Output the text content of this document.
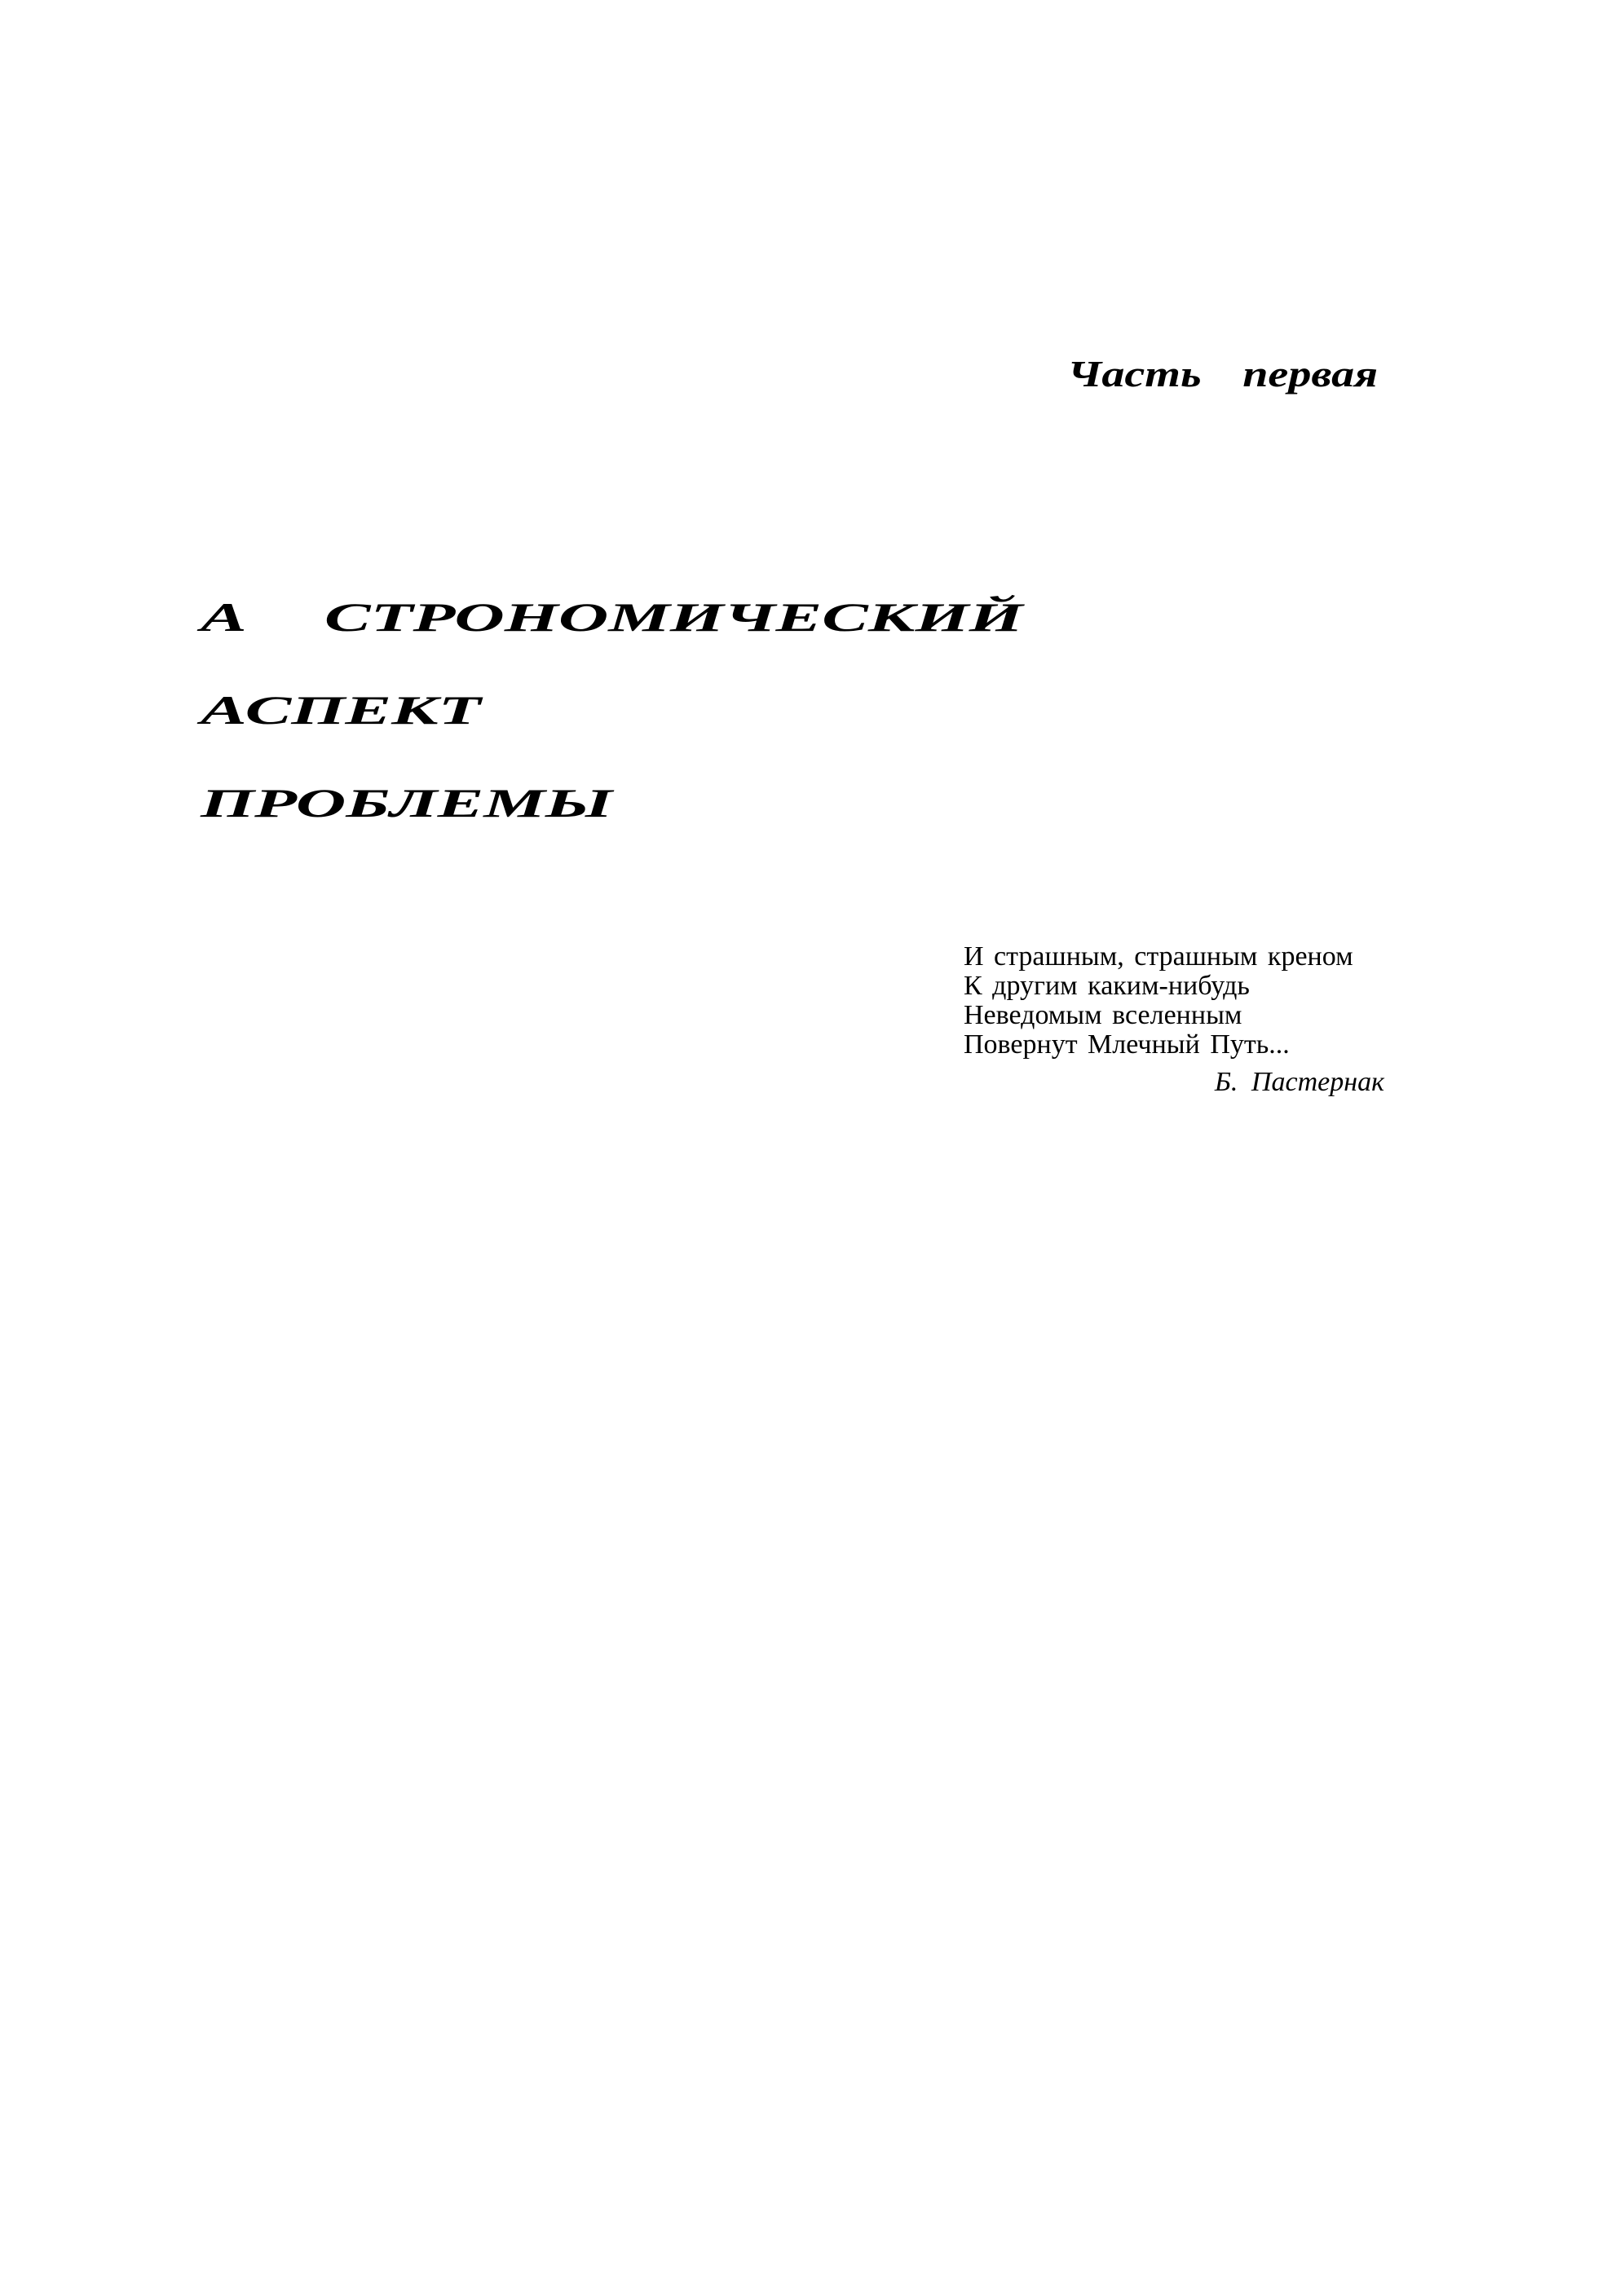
Часть первая
А СТРОНОМИЧЕСКИЙ
АСПЕКТ
ПРОБЛЕМЫ
И страшным, страшным креном
К другим каким-нибудь
Неведомым вселенным
Повернут Млечный Путь...
Б. Пастернак
